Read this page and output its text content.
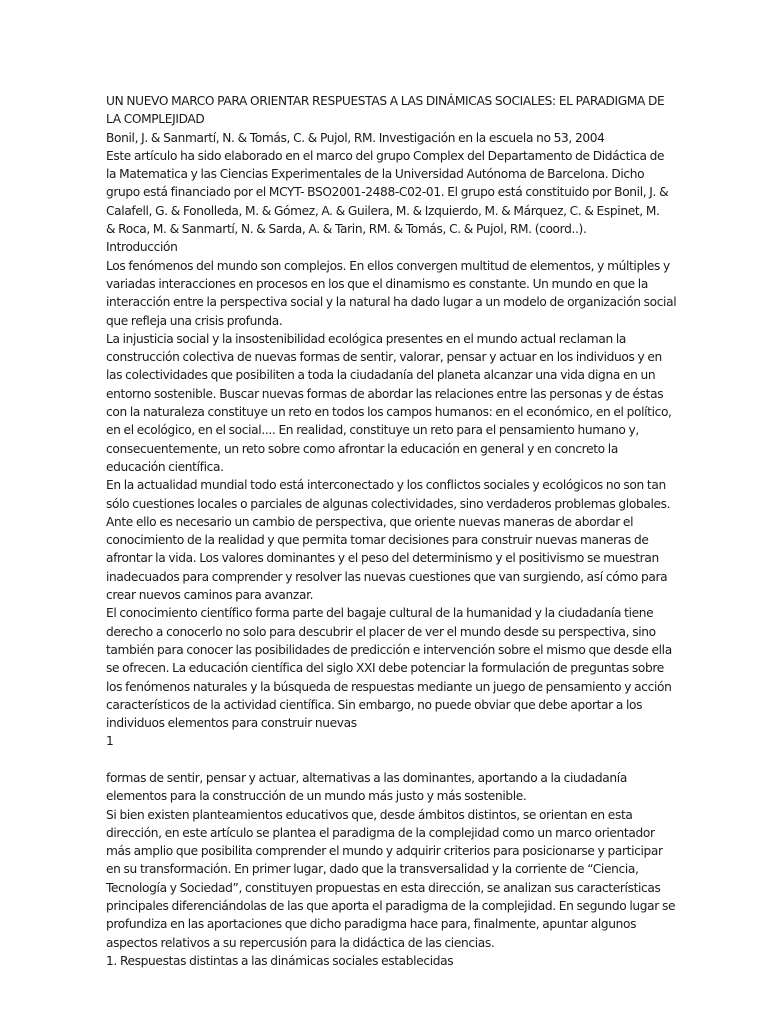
UN NUEVO MARCO PARA ORIENTAR RESPUESTAS A LAS DINÁMICAS SOCIALES: EL PARADIGMA DE
LA COMPLEJIDAD
Bonil, J. & Sanmartí, N. & Tomás, C. & Pujol, RM. Investigación en la escuela no 53, 2004
Este artículo ha sido elaborado en el marco del grupo Complex del Departamento de Didáctica de
la Matematica y las Ciencias Experimentales de la Universidad Autónoma de Barcelona. Dicho
grupo está financiado por el MCYT- BSO2001-2488-C02-01. El grupo está constituido por Bonil, J. &
Calafell, G. & Fonolleda, M. & Gómez, A. & Guilera, M. & Izquierdo, M. & Márquez, C. & Espinet, M.
& Roca, M. & Sanmartí, N. & Sarda, A. & Tarin, RM. & Tomás, C. & Pujol, RM. (coord..).
Introducción
Los fenómenos del mundo son complejos. En ellos convergen multitud de elementos, y múltiples y
variadas interacciones en procesos en los que el dinamismo es constante. Un mundo en que la
interacción entre la perspectiva social y la natural ha dado lugar a un modelo de organización social
que refleja una crisis profunda.
La injusticia social y la insostenibilidad ecológica presentes en el mundo actual reclaman la
construcción colectiva de nuevas formas de sentir, valorar, pensar y actuar en los individuos y en
las colectividades que posibiliten a toda la ciudadanía del planeta alcanzar una vida digna en un
entorno sostenible. Buscar nuevas formas de abordar las relaciones entre las personas y de éstas
con la naturaleza constituye un reto en todos los campos humanos: en el económico, en el político,
en el ecológico, en el social.... En realidad, constituye un reto para el pensamiento humano y,
consecuentemente, un reto sobre como afrontar la educación en general y en concreto la
educación científica.
En la actualidad mundial todo está interconectado y los conflictos sociales y ecológicos no son tan
sólo cuestiones locales o parciales de algunas colectividades, sino verdaderos problemas globales.
Ante ello es necesario un cambio de perspectiva, que oriente nuevas maneras de abordar el
conocimiento de la realidad y que permita tomar decisiones para construir nuevas maneras de
afrontar la vida. Los valores dominantes y el peso del determinismo y el positivismo se muestran
inadecuados para comprender y resolver las nuevas cuestiones que van surgiendo, así cómo para
crear nuevos caminos para avanzar.
El conocimiento científico forma parte del bagaje cultural de la humanidad y la ciudadanía tiene
derecho a conocerlo no solo para descubrir el placer de ver el mundo desde su perspectiva, sino
también para conocer las posibilidades de predicción e intervención sobre el mismo que desde ella
se ofrecen. La educación científica del siglo XXI debe potenciar la formulación de preguntas sobre
los fenómenos naturales y la búsqueda de respuestas mediante un juego de pensamiento y acción
característicos de la actividad científica. Sin embargo, no puede obviar que debe aportar a los
individuos elementos para construir nuevas
1
formas de sentir, pensar y actuar, alternativas a las dominantes, aportando a la ciudadanía
elementos para la construcción de un mundo más justo y más sostenible.
Si bien existen planteamientos educativos que, desde ámbitos distintos, se orientan en esta
dirección, en este artículo se plantea el paradigma de la complejidad como un marco orientador
más amplio que posibilita comprender el mundo y adquirir criterios para posicionarse y participar
en su transformación. En primer lugar, dado que la transversalidad y la corriente de “Ciencia,
Tecnología y Sociedad”, constituyen propuestas en esta dirección, se analizan sus características
principales diferenciándolas de las que aporta el paradigma de la complejidad. En segundo lugar se
profundiza en las aportaciones que dicho paradigma hace para, finalmente, apuntar algunos
aspectos relativos a su repercusión para la didáctica de las ciencias.
1. Respuestas distintas a las dinámicas sociales establecidas
